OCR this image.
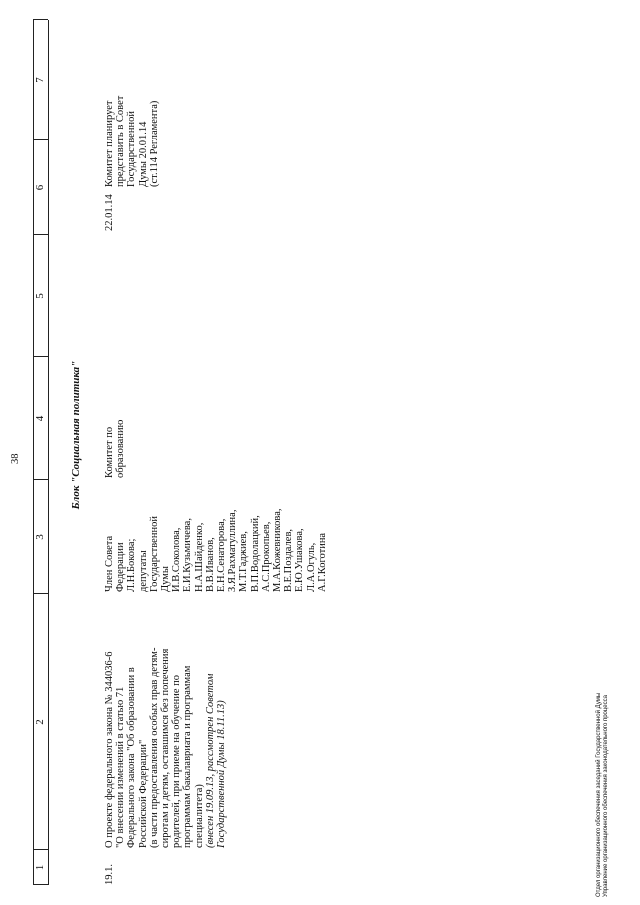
38
1
2
3
4
5
6
7
Блок "Социальная политика"
19.1.
О проекте федерального закона № 344036-6 "О внесении изменений в статью 71 Федерального закона "Об образовании в Российской Федерации" (в части предоставления особых прав детям- сиротам и детям, оставшимся без попечения родителей, при приеме на обучение по программам бакалавриата и программам специалитета) (внесен 19.09.13, рассмотрен Советом Государственной Думы 18.11.13)
Член Совета Федерации Л.Н.Бокова; депутаты Государственной Думы И.В.Соколова, Е.И.Кузьмичева, Н.А.Шайденко, В.В.Иванов, Е.Н.Сенаторова, З.Я.Рахматуллина, М.Т.Гаджиев, В.П.Водолацкий, А.С.Прокопьев, М.А.Кожевникова, В.Е.Поздалев, Е.Ю.Ушакова, Л.А.Огуль, А.Г.Коготина
Комитет по образованию
22.01.14
Комитет планирует представить в Совет Государственной Думы 20.01.14 (ст.114 Регламента)
Отдел организационного обеспечения заседаний Государственной Думы Управление организационного обеспечения законодательного процесса
